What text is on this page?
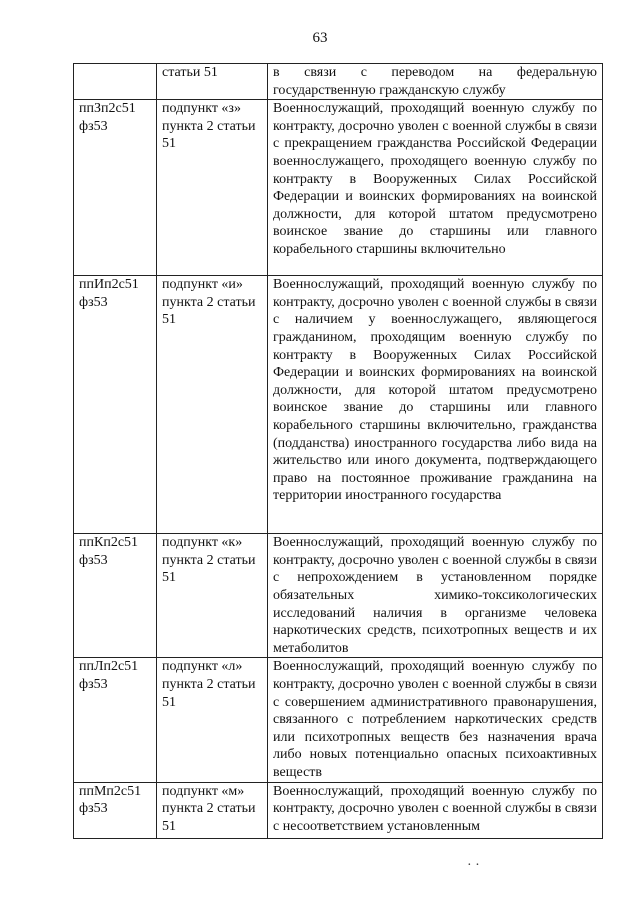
63
	статьи 51	в связи с переводом на федеральную государственную гражданскую службу
ппЗп2с51 фз53	подпункт «з» пункта 2 статьи 51	Военнослужащий, проходящий военную службу по контракту, досрочно уволен с военной службы в связи с прекращением гражданства Российской Федерации военнослужащего, проходящего военную службу по контракту в Вооруженных Силах Российской Федерации и воинских формированиях на воинской должности, для которой штатом предусмотрено воинское звание до старшины или главного корабельного старшины включительно
ппИп2с51 фз53	подпункт «и» пункта 2 статьи 51	Военнослужащий, проходящий военную службу по контракту, досрочно уволен с военной службы в связи с наличием у военнослужащего, являющегося гражданином, проходящим военную службу по контракту в Вооруженных Силах Российской Федерации и воинских формированиях на воинской должности, для которой штатом предусмотрено воинское звание до старшины или главного корабельного старшины включительно, гражданства (подданства) иностранного государства либо вида на жительство или иного документа, подтверждающего право на постоянное проживание гражданина на территории иностранного государства
ппКп2с51 фз53	подпункт «к» пункта 2 статьи 51	Военнослужащий, проходящий военную службу по контракту, досрочно уволен с военной службы в связи с непрохождением в установленном порядке обязательных химико-токсикологических исследований наличия в организме человека наркотических средств, психотропных веществ и их метаболитов
ппЛп2с51 фз53	подпункт «л» пункта 2 статьи 51	Военнослужащий, проходящий военную службу по контракту, досрочно уволен с военной службы в связи с совершением административного правонарушения, связанного с потреблением наркотических средств или психотропных веществ без назначения врача либо новых потенциально опасных психоактивных веществ
ппМп2с51 фз53	подпункт «м» пункта 2 статьи 51	Военнослужащий, проходящий военную службу по контракту, досрочно уволен с военной службы в связи с несоответствием установленным
· ·
